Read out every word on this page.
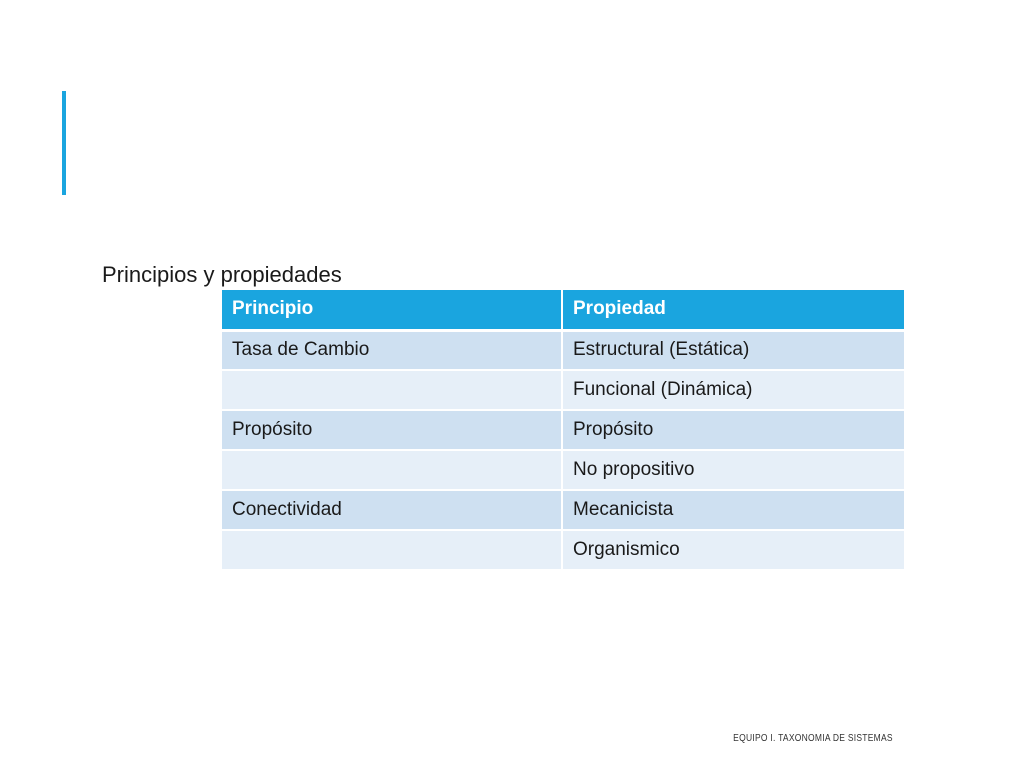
Principios y propiedades
Principio	Propiedad
Tasa de Cambio	Estructural (Estática)
	Funcional (Dinámica)
Propósito	Propósito
	No propositivo
Conectividad	Mecanicista
	Organismico
EQUIPO I. TAXONOMIA DE SISTEMAS
